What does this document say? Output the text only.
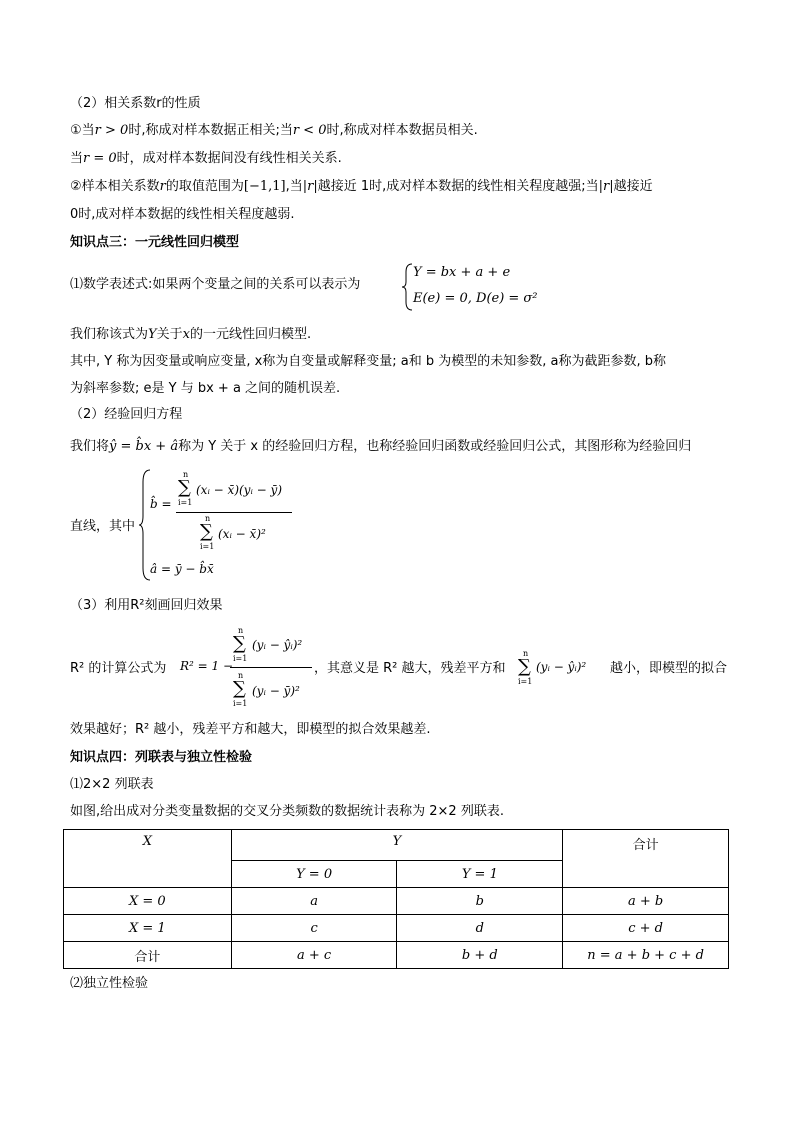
（2）相关系数r的性质
①当r > 0时,称成对样本数据正相关;当r < 0时,称成对样本数据员相关.
当r = 0时，成对样本数据间没有线性相关关系.
②样本相关系数r的取值范围为[−1,1],当|r|越接近 1时,成对样本数据的线性相关程度越强;当|r|越接近
0时,成对样本数据的线性相关程度越弱.
知识点三：一元线性回归模型
⑴数学表述式:如果两个变量之间的关系可以表示为
Y = bx + a + e
E(e) = 0, D(e) = σ²
我们称该式为Y关于x的一元线性回归模型.
其中, Y 称为因变量或响应变量, x称为自变量或解释变量; a和 b 为模型的未知参数, a称为截距参数, b称
为斜率参数; e是 Y 与 bx + a 之间的随机误差.
（2）经验回归方程
我们将ŷ = b̂x + â称为 Y 关于 x 的经验回归方程，也称经验回归函数或经验回归公式，其图形称为经验回归
直线，其中
b̂ =
n
∑
i=1
(xᵢ − x̄)(yᵢ − ȳ)
n
∑
i=1
(xᵢ − x̄)²
â = ȳ − b̂x̄
（3）利用R²刻画回归效果
R² 的计算公式为 R² = 1 −
n
∑
i=1
(yᵢ − ŷᵢ)²
n
∑
i=1
(yᵢ − ȳ)²
，其意义是 R² 越大，残差平方和
n
∑
i=1
(yᵢ − ŷᵢ)² 越小，即模型的拟合
效果越好；R² 越小，残差平方和越大，即模型的拟合效果越差.
知识点四：列联表与独立性检验
⑴2×2 列联表
如图,给出成对分类变量数据的交叉分类频数的数据统计表称为 2×2 列联表.
X	Y		合计
	Y = 0	Y = 1	
X = 0	a	b	a + b
X = 1	c	d	c + d
合计	a + c	b + d	n = a + b + c + d
⑵独立性检验
